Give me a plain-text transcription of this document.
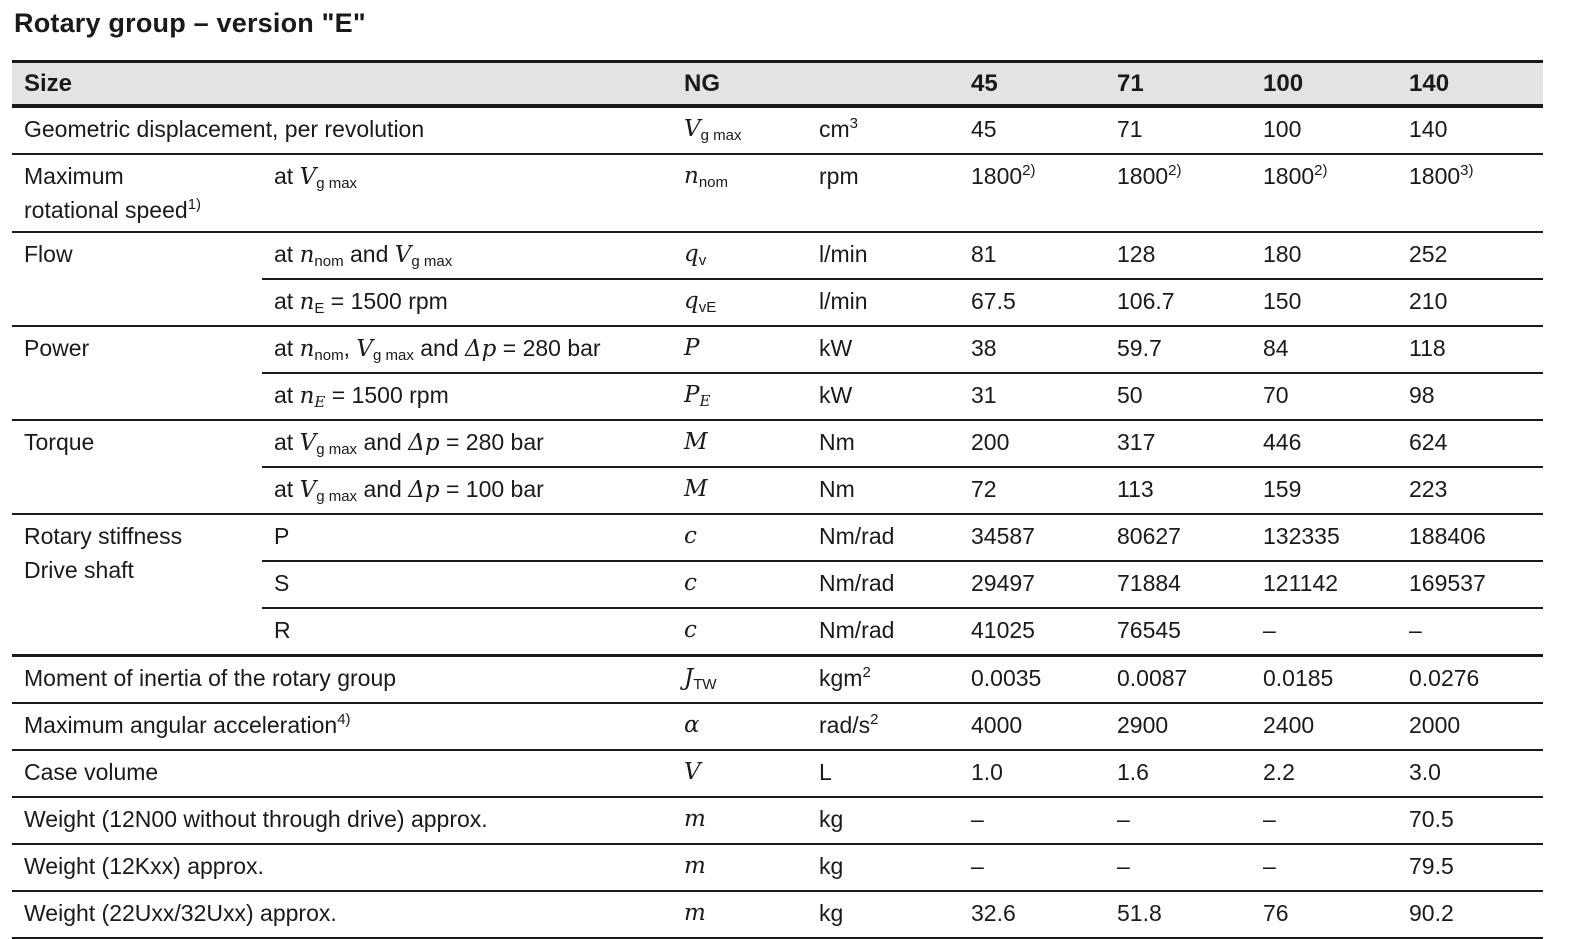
Rotary group – version "E"
Size		NG		45	71	100	140
Geometric displacement, per revolution		$V_{g max}$	$cm^3$	45	71	100	140
Maximum
rotational speed$^{1)}$	at $V_{g max}$	$n_{nom}$	rpm	1800$^{2)}$	1800$^{2)}$	1800$^{2)}$	1800$^{3)}$
Flow	at $n_{nom}$ and $V_{g max}$	$q_v$	l/min	81	128	180	252
	at $n_E = 1500$ rpm	$q_{vE}$	l/min	67.5	106.7	150	210
Power	at $n_{nom}$, $V_{g max}$ and Δp = 280 bar	P	kW	38	59.7	84	118
	at $n_E = 1500$ rpm	$P_E$	kW	31	50	70	98
Torque	at $V_{g max}$ and Δp = 280 bar	M	Nm	200	317	446	624
	at $V_{g max}$ and Δp = 100 bar	M	Nm	72	113	159	223
Rotary stiffness
Drive shaft	P	c	Nm/rad	34587	80627	132335	188406
	S	c	Nm/rad	29497	71884	121142	169537
	R	c	Nm/rad	41025	76545	–	–
Moment of inertia of the rotary group		$J_{TW}$	kgm$^2$	0.0035	0.0087	0.0185	0.0276
Maximum angular acceleration$^{4)}$		α	rad/$s^2$	4000	2900	2400	2000
Case volume		V	L	1.0	1.6	2.2	3.0
Weight (12N00 without through drive) approx.		m	kg	–	–	–	70.5
Weight (12Kxx) approx.		m	kg	–	–	–	79.5
Weight (22Uxx/32Uxx) approx.		m	kg	32.6	51.8	76	90.2
